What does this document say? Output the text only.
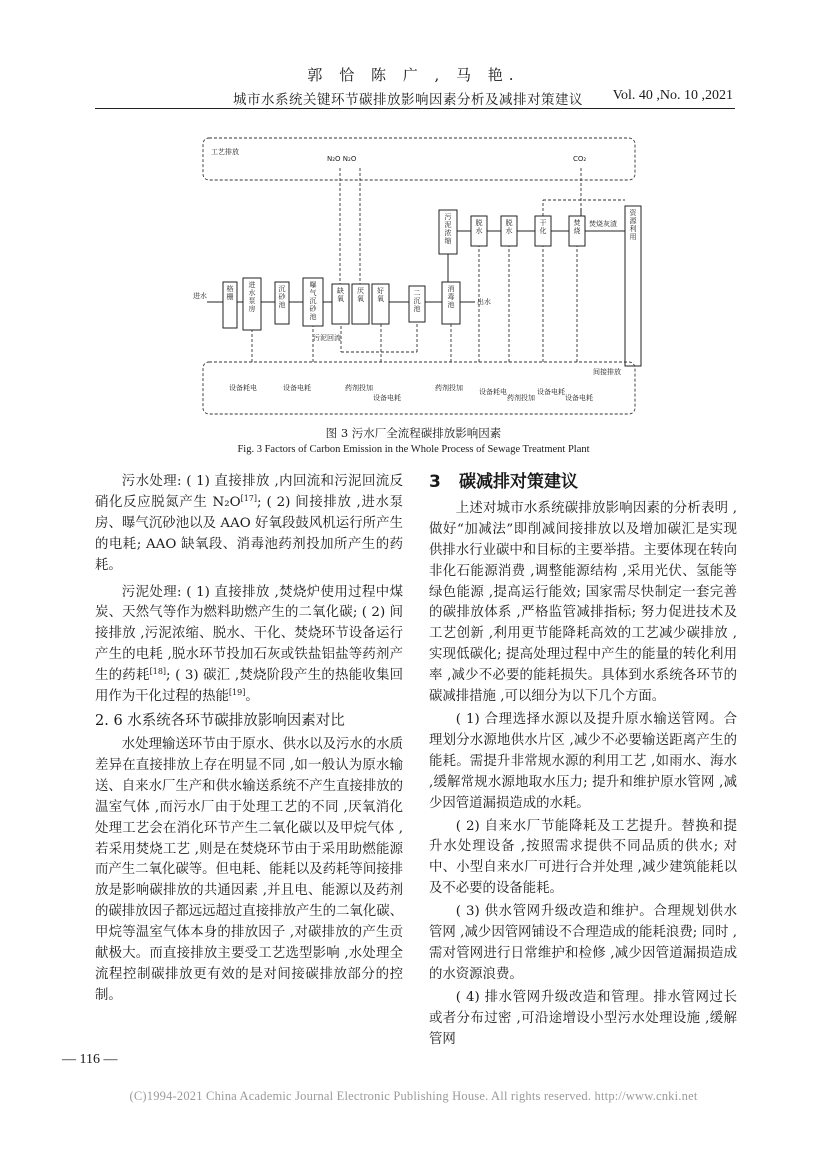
郭 恰 陈 广 , 马 艳.
城市水系统关键环节碳排放影响因素分析及减排对策建议 Vol. 40 ,No. 10 ,2021
工艺排放
N₂O N₂O	CO₂
进水
出水
污泥回流
焚烧灰渣
间接排放
设备耗电	设备电耗	药剂投加
设备电耗
药剂投加 设备耗电
药剂投加
设备电耗
设备电耗
格栅
进水泵房
沉砂池
曝气沉砂池
缺氧
厌氧
好氧
二沉池
消毒池
污泥浓缩
脱水
脱水
干化
焚烧
资源利用
图 3 污水厂全流程碳排放影响因素
Fig. 3 Factors of Carbon Emission in the Whole Process of Sewage Treatment Plant

污水处理: ( 1) 直接排放 ,内回流和污泥回流反硝化反应脱氮产生 N₂O[17]; ( 2) 间接排放 ,进水泵房、曝气沉砂池以及 AAO 好氧段鼓风机运行所产生的电耗; AAO 缺氧段、消毒池药剂投加所产生的药耗。

污泥处理: ( 1) 直接排放 ,焚烧炉使用过程中煤炭、天然气等作为燃料助燃产生的二氧化碳; ( 2) 间接排放 ,污泥浓缩、脱水、干化、焚烧环节设备运行产生的电耗 ,脱水环节投加石灰或铁盐铝盐等药剂产生的药耗[18]; ( 3) 碳汇 ,焚烧阶段产生的热能收集回用作为干化过程的热能[19]。

2. 6 水系统各环节碳排放影响因素对比

水处理输送环节由于原水、供水以及污水的水质差异在直接排放上存在明显不同 ,如一般认为原水输送、自来水厂生产和供水输送系统不产生直接排放的温室气体 ,而污水厂由于处理工艺的不同 ,厌氧消化处理工艺会在消化环节产生二氧化碳以及甲烷气体 ,若采用焚烧工艺 ,则是在焚烧环节由于采用助燃能源而产生二氧化碳等。但电耗、能耗以及药耗等间接排放是影响碳排放的共通因素 ,并且电、能源以及药剂的碳排放因子都远远超过直接排放产生的二氧化碳、甲烷等温室气体本身的排放因子 ,对碳排放的产生贡献极大。而直接排放主要受工艺选型影响 ,水处理全流程控制碳排放更有效的是对间接碳排放部分的控制。

3 碳减排对策建议

上述对城市水系统碳排放影响因素的分析表明 ,做好“加减法”即削减间接排放以及增加碳汇是实现供排水行业碳中和目标的主要举措。主要体现在转向非化石能源消费 ,调整能源结构 ,采用光伏、氢能等绿色能源 ,提高运行能效; 国家需尽快制定一套完善的碳排放体系 ,严格监管减排指标; 努力促进技术及工艺创新 ,利用更节能降耗高效的工艺减少碳排放 ,实现低碳化; 提高处理过程中产生的能量的转化利用率 ,减少不必要的能耗损失。具体到水系统各环节的碳减排措施 ,可以细分为以下几个方面。

( 1) 合理选择水源以及提升原水输送管网。合理划分水源地供水片区 ,减少不必要输送距离产生的能耗。需提升非常规水源的利用工艺 ,如雨水、海水 ,缓解常规水源地取水压力; 提升和维护原水管网 ,减少因管道漏损造成的水耗。

( 2) 自来水厂节能降耗及工艺提升。替换和提升水处理设备 ,按照需求提供不同品质的供水; 对中、小型自来水厂可进行合并处理 ,减少建筑能耗以及不必要的设备能耗。

( 3) 供水管网升级改造和维护。合理规划供水管网 ,减少因管网铺设不合理造成的能耗浪费; 同时 ,需对管网进行日常维护和检修 ,减少因管道漏损造成的水资源浪费。

( 4) 排水管网升级改造和管理。排水管网过长或者分布过密 ,可沿途增设小型污水处理设施 ,缓解管网

— 116 —
(C)1994-2021 China Academic Journal Electronic Publishing House. All rights reserved. http://www.cnki.net
